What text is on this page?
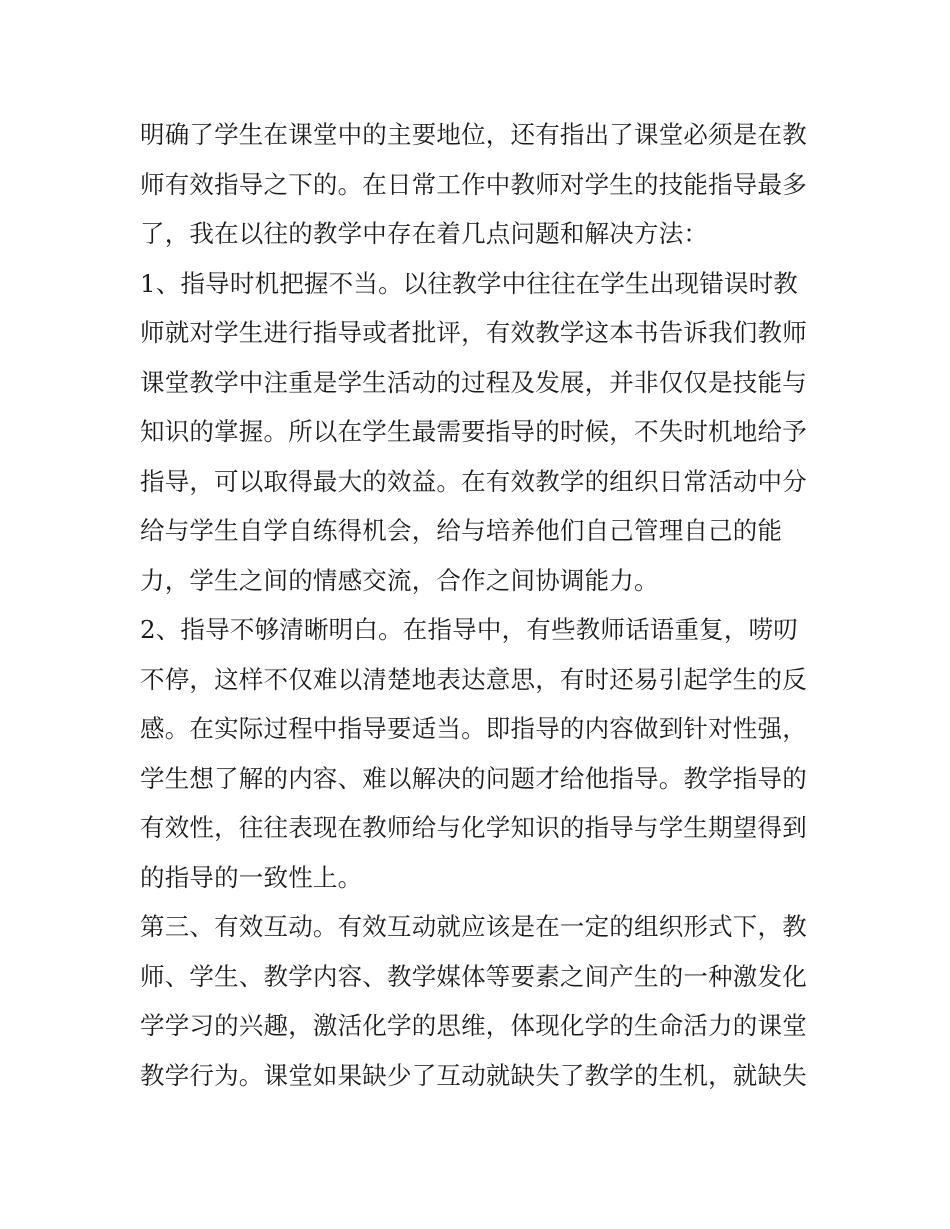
明确了学生在课堂中的主要地位，还有指出了课堂必须是在教
师有效指导之下的。在日常工作中教师对学生的技能指导最多
了，我在以往的教学中存在着几点问题和解决方法：
1、指导时机把握不当。以往教学中往往在学生出现错误时教
师就对学生进行指导或者批评，有效教学这本书告诉我们教师
课堂教学中注重是学生活动的过程及发展，并非仅仅是技能与
知识的掌握。所以在学生最需要指导的时候，不失时机地给予
指导，可以取得最大的效益。在有效教学的组织日常活动中分
给与学生自学自练得机会，给与培养他们自己管理自己的能
力，学生之间的情感交流，合作之间协调能力。
2、指导不够清晰明白。在指导中，有些教师话语重复，唠叨
不停，这样不仅难以清楚地表达意思，有时还易引起学生的反
感。在实际过程中指导要适当。即指导的内容做到针对性强，
学生想了解的内容、难以解决的问题才给他指导。教学指导的
有效性，往往表现在教师给与化学知识的指导与学生期望得到
的指导的一致性上。
第三、有效互动。有效互动就应该是在一定的组织形式下，教
师、学生、教学内容、教学媒体等要素之间产生的一种激发化
学学习的兴趣，激活化学的思维，体现化学的生命活力的课堂
教学行为。课堂如果缺少了互动就缺失了教学的生机，就缺失
